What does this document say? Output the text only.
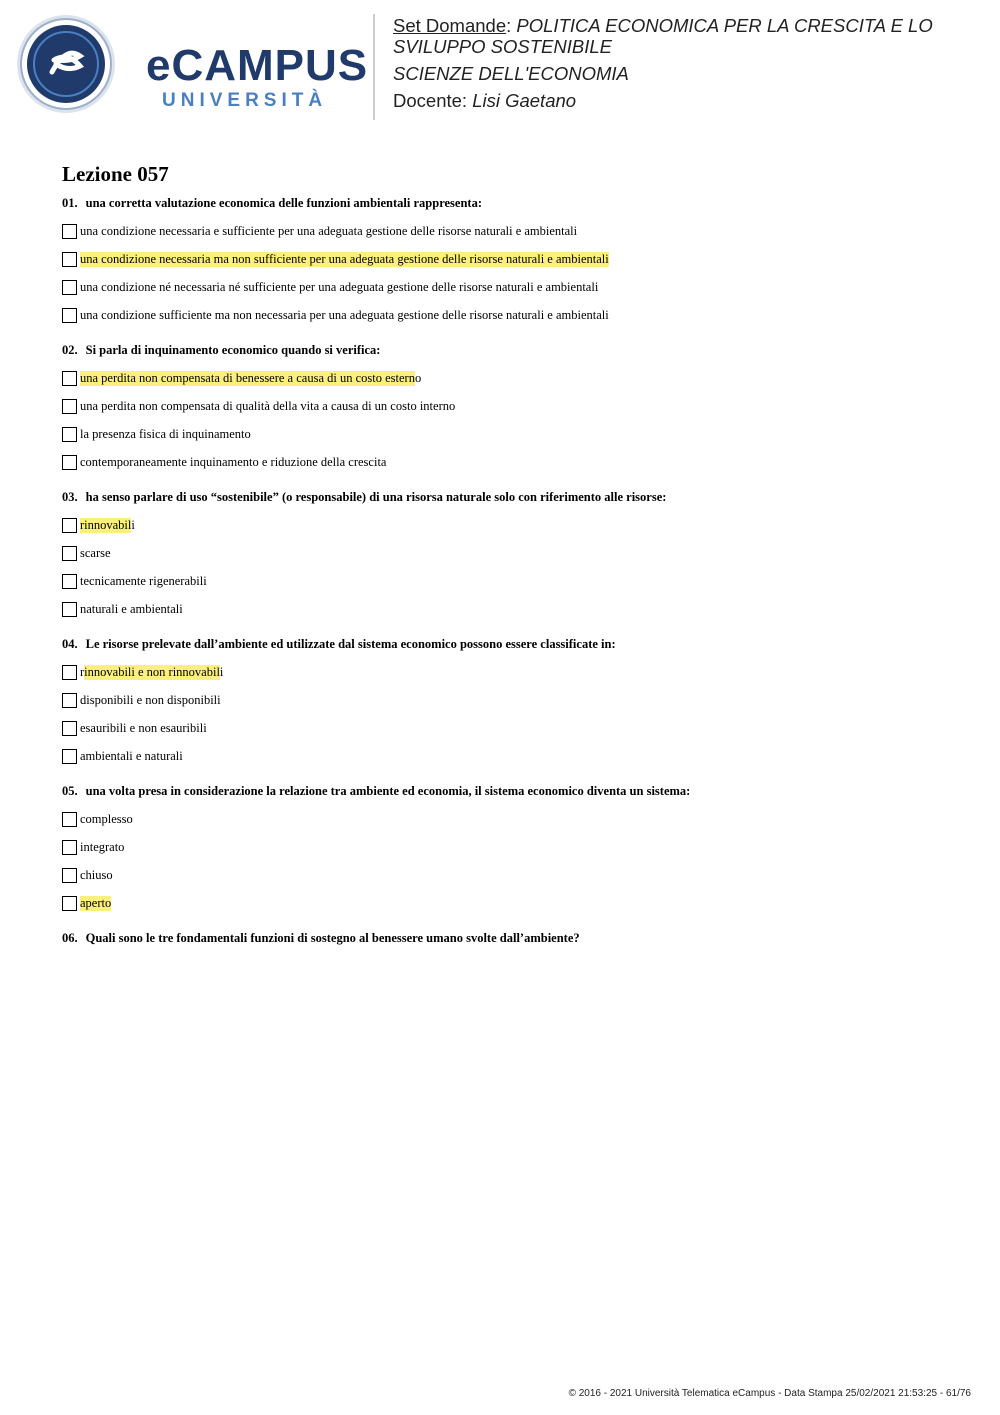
eCAMPUS
UNIVERSITÀ

Set Domande: POLITICA ECONOMICA PER LA CRESCITA E LO

SVILUPPO SOSTENIBILE

SCIENZE DELL'ECONOMIA

Docente: Lisi Gaetano

Lezione 057

01. una corretta valutazione economica delle funzioni ambientali rappresenta:

una condizione necessaria e sufficiente per una adeguata gestione delle risorse naturali e ambientali
una condizione necessaria ma non sufficiente per una adeguata gestione delle risorse naturali e ambientali
una condizione né necessaria né sufficiente per una adeguata gestione delle risorse naturali e ambientali
una condizione sufficiente ma non necessaria per una adeguata gestione delle risorse naturali e ambientali

02. Si parla di inquinamento economico quando si verifica:

una perdita non compensata di benessere a causa di un costo estern o
una perdita non compensata di qualità della vita a causa di un costo interno
la presenza fisica di inquinamento
contemporaneamente inquinamento e riduzione della crescita

03. ha senso parlare di uso “sostenibile” (o responsabile) di una risorsa naturale solo con riferimento alle risorse:

rinnovabil i
scarse
tecnicamente rigenerabili
naturali e ambientali

04. Le risorse prelevate dall’ambiente ed utilizzate dal sistema economico possono essere classificate in:

r innovabili e non rinnovabil i
disponibili e non disponibili
esauribili e non esauribili
ambientali e naturali

05. una volta presa in considerazione la relazione tra ambiente ed economia, il sistema economico diventa un sistema:

complesso
integrato
chiuso
aperto

06. Quali sono le tre fondamentali funzioni di sostegno al benessere umano svolte dall’ambiente?

© 2016 - 2021 Università Telematica eCampus - Data Stampa 25/02/2021 21:53:25 - 61/76
